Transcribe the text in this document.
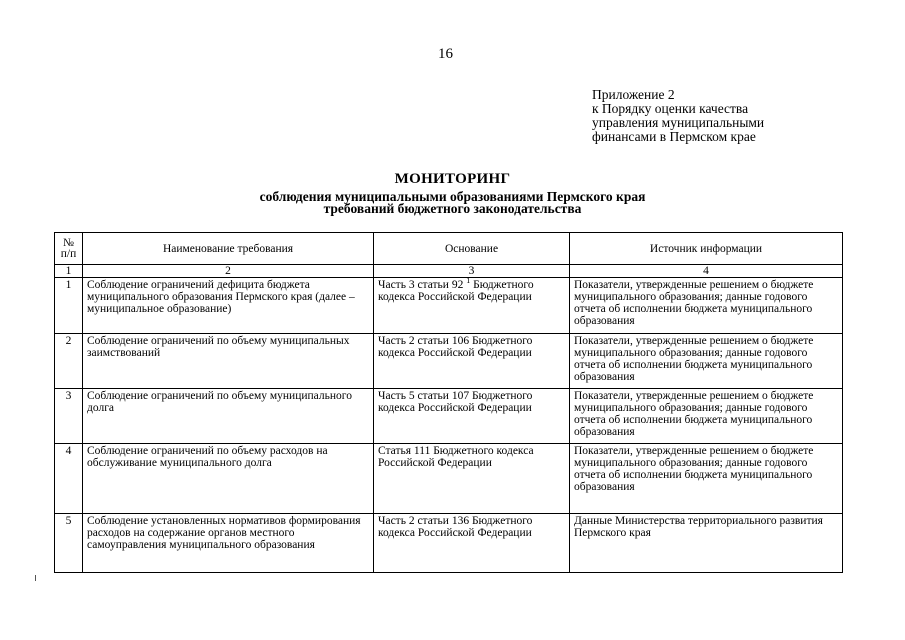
16
Приложение 2
к Порядку оценки качества
управления муниципальными
финансами в Пермском крае
МОНИТОРИНГ
соблюдения муниципальными образованиями Пермского края
требований бюджетного законодательства
№
п/п	Наименование требования	Основание	Источник информации
1	2	3	4
1	Соблюдение ограничений дефицита бюджета муниципального образования Пермского края (далее – муниципальное образование)	Часть 3 статьи 92 $^1$ Бюджетного кодекса Российской Федерации	Показатели, утвержденные решением о бюджете муниципального образования; данные годового отчета об исполнении бюджета муниципального образования
2	Соблюдение ограничений по объему муниципальных заимствований	Часть 2 статьи 106 Бюджетного кодекса Российской Федерации	Показатели, утвержденные решением о бюджете муниципального образования; данные годового отчета об исполнении бюджета муниципального образования
3	Соблюдение ограничений по объему муниципального долга	Часть 5 статьи 107 Бюджетного кодекса Российской Федерации	Показатели, утвержденные решением о бюджете муниципального образования; данные годового отчета об исполнении бюджета муниципального образования
4	Соблюдение ограничений по объему расходов на обслуживание муниципального долга	Статья 111 Бюджетного кодекса Российской Федерации	Показатели, утвержденные решением о бюджете муниципального образования; данные годового отчета об исполнении бюджета муниципального образования
5	Соблюдение установленных нормативов формирования расходов на содержание органов местного самоуправления муниципального образования	Часть 2 статьи 136 Бюджетного кодекса Российской Федерации	Данные Министерства территориального развития Пермского края
